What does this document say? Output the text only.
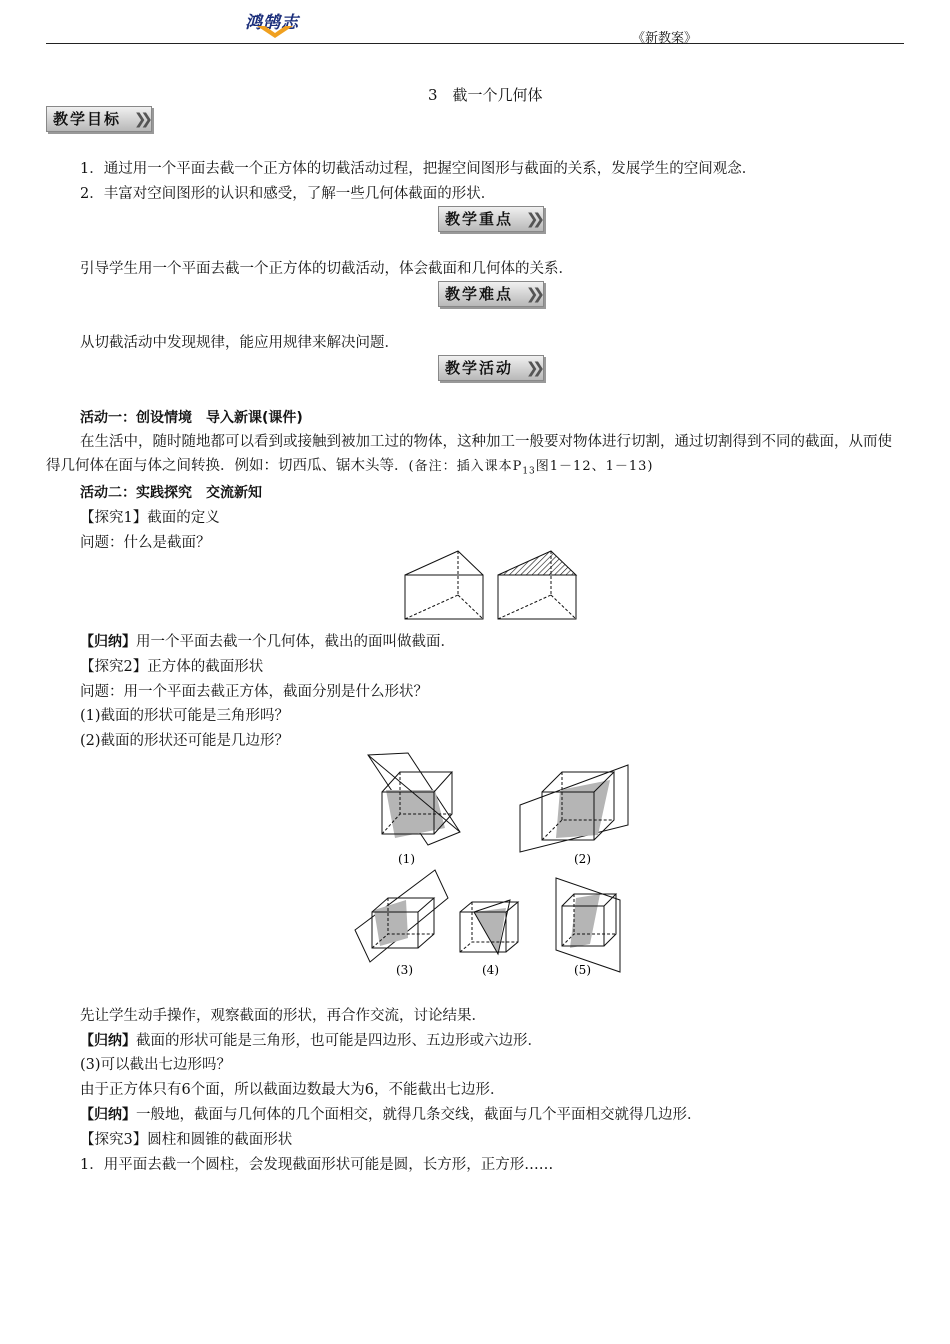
鸿鹄志
《新教案》
3　截一个几何体
教学目标 ❯❯
1．通过用一个平面去截一个正方体的切截活动过程，把握空间图形与截面的关系，发展学生的空间观念．
2．丰富对空间图形的认识和感受，了解一些几何体截面的形状．
教学重点 ❯❯
引导学生用一个平面去截一个正方体的切截活动，体会截面和几何体的关系．
教学难点 ❯❯
从切截活动中发现规律，能应用规律来解决问题．
教学活动 ❯❯
活动一：创设情境　导入新课(课件)
在生活中，随时随地都可以看到或接触到被加工过的物体，这种加工一般要对物体进行切割，通过切割得到不同的截面，从而使得几何体在面与体之间转换．例如：切西瓜、锯木头等．(备注：插入课本$P_{13}$图1－12、1－13)
活动二：实践探究　交流新知
【探究1】截面的定义
问题：什么是截面？
【归纳】用一个平面去截一个几何体，截出的面叫做截面．
【探究2】正方体的截面形状
问题：用一个平面去截正方体，截面分别是什么形状？
(1)截面的形状可能是三角形吗？
(2)截面的形状还可能是几边形？
(1)	(2)
(3)	(4)	(5)
先让学生动手操作，观察截面的形状，再合作交流，讨论结果．
【归纳】截面的形状可能是三角形，也可能是四边形、五边形或六边形．
(3)可以截出七边形吗？
由于正方体只有6个面，所以截面边数最大为6，不能截出七边形．
【归纳】一般地，截面与几何体的几个面相交，就得几条交线，截面与几个平面相交就得几边形．
【探究3】圆柱和圆锥的截面形状
1．用平面去截一个圆柱，会发现截面形状可能是圆，长方形，正方形……
